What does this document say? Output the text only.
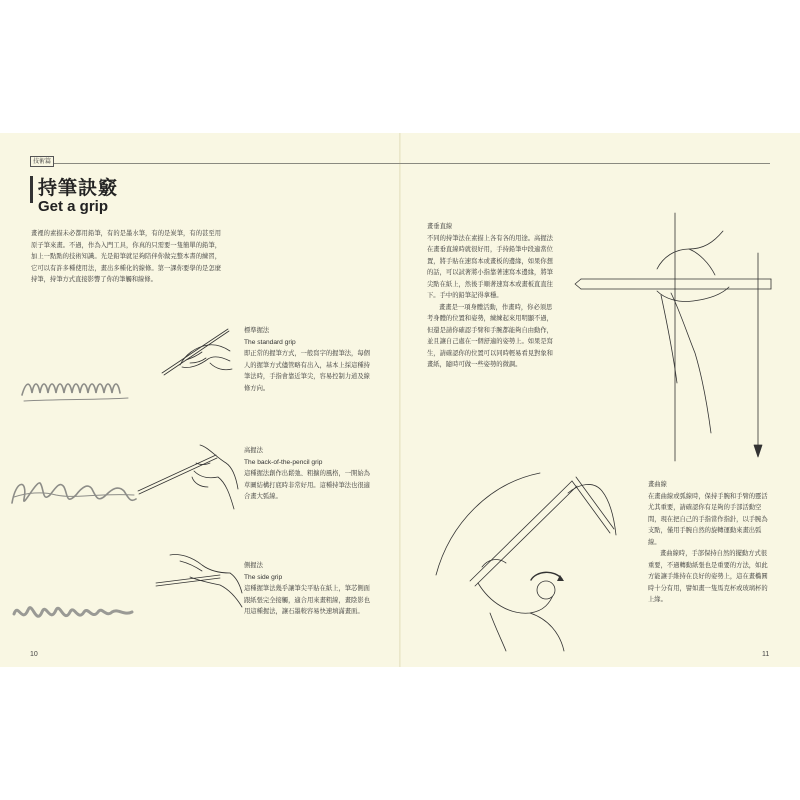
技術篇
持筆訣竅
Get a grip
畫裡的素描未必都用鉛筆，有的是墨水筆，有的是炭筆，有的甚至用原子筆來畫。不過，作為入門工具，你真的只需要一隻簡單的鉛筆，加上一點點的技術知識。光是鉛筆就足夠陪伴你做完整本書的練習，它可以有許多種使用法，畫出多種化的線條。第一課你要學的是怎麼持筆，持筆方式直接影響了你的筆觸和線條。
標準握法
The standard grip
即正常的握筆方式，一般寫字的握筆法，每個人的握筆方式儘管略有出入，基本上採這種持筆法時，手指會靠近筆尖，容易控制力道及線條方向。
高握法
The back-of-the-pencil grip
這種握法創作出鬆弛、粗擴的風格，一開始為草圖結構打底時非常好用。這種持筆法也很適合畫大弧線。
側握法
The side grip
這種握筆法幾乎讓筆尖平貼在紙上，筆芯側面跟紙張完全接觸，適合用來畫粗線，畫陰影也用這種握法，讓石墨較容易快速填滿畫面。
10
畫垂直線
不同的持筆法在素描上各有各的用途。高握法在畫垂直線時就很好用，手持鉛筆中段適當位置，將手貼在速寫本或畫板的邊緣，如果你想的話，可以試著將小指靠著速寫本邊緣，將筆尖點在紙上，然後手順著速寫本或畫板直直往下。手中的鉛筆記得拿穩。
畫畫是一項身體活動，作畫時，你必須思考身體的位置和姿勢，練練起來用明顯不過，但還是請你確認手臂和手腕都能夠自由動作，並且讓自己處在一個舒適的姿勢上。如果是寫生，請確認你的位置可以同時輕易看見對象和畫紙，隨時可做一些姿勢的微調。
畫曲線
在畫曲線或弧線時，保持手腕和手臂的靈活尤其重要，請確認你有足夠的手部活動空間，現在把自己的手指當作指針，以手腕為支點，僅用手腕自然的旋轉運動來畫出弧線。
畫曲線時，手部保持自然的擺動方式很重要，不過轉動紙張也是重要的方法，如此方能讓手維持在良好的姿勢上，這在畫橢圓時十分有用，譬如畫一隻馬克杯或玻璃杯的上緣。
11
